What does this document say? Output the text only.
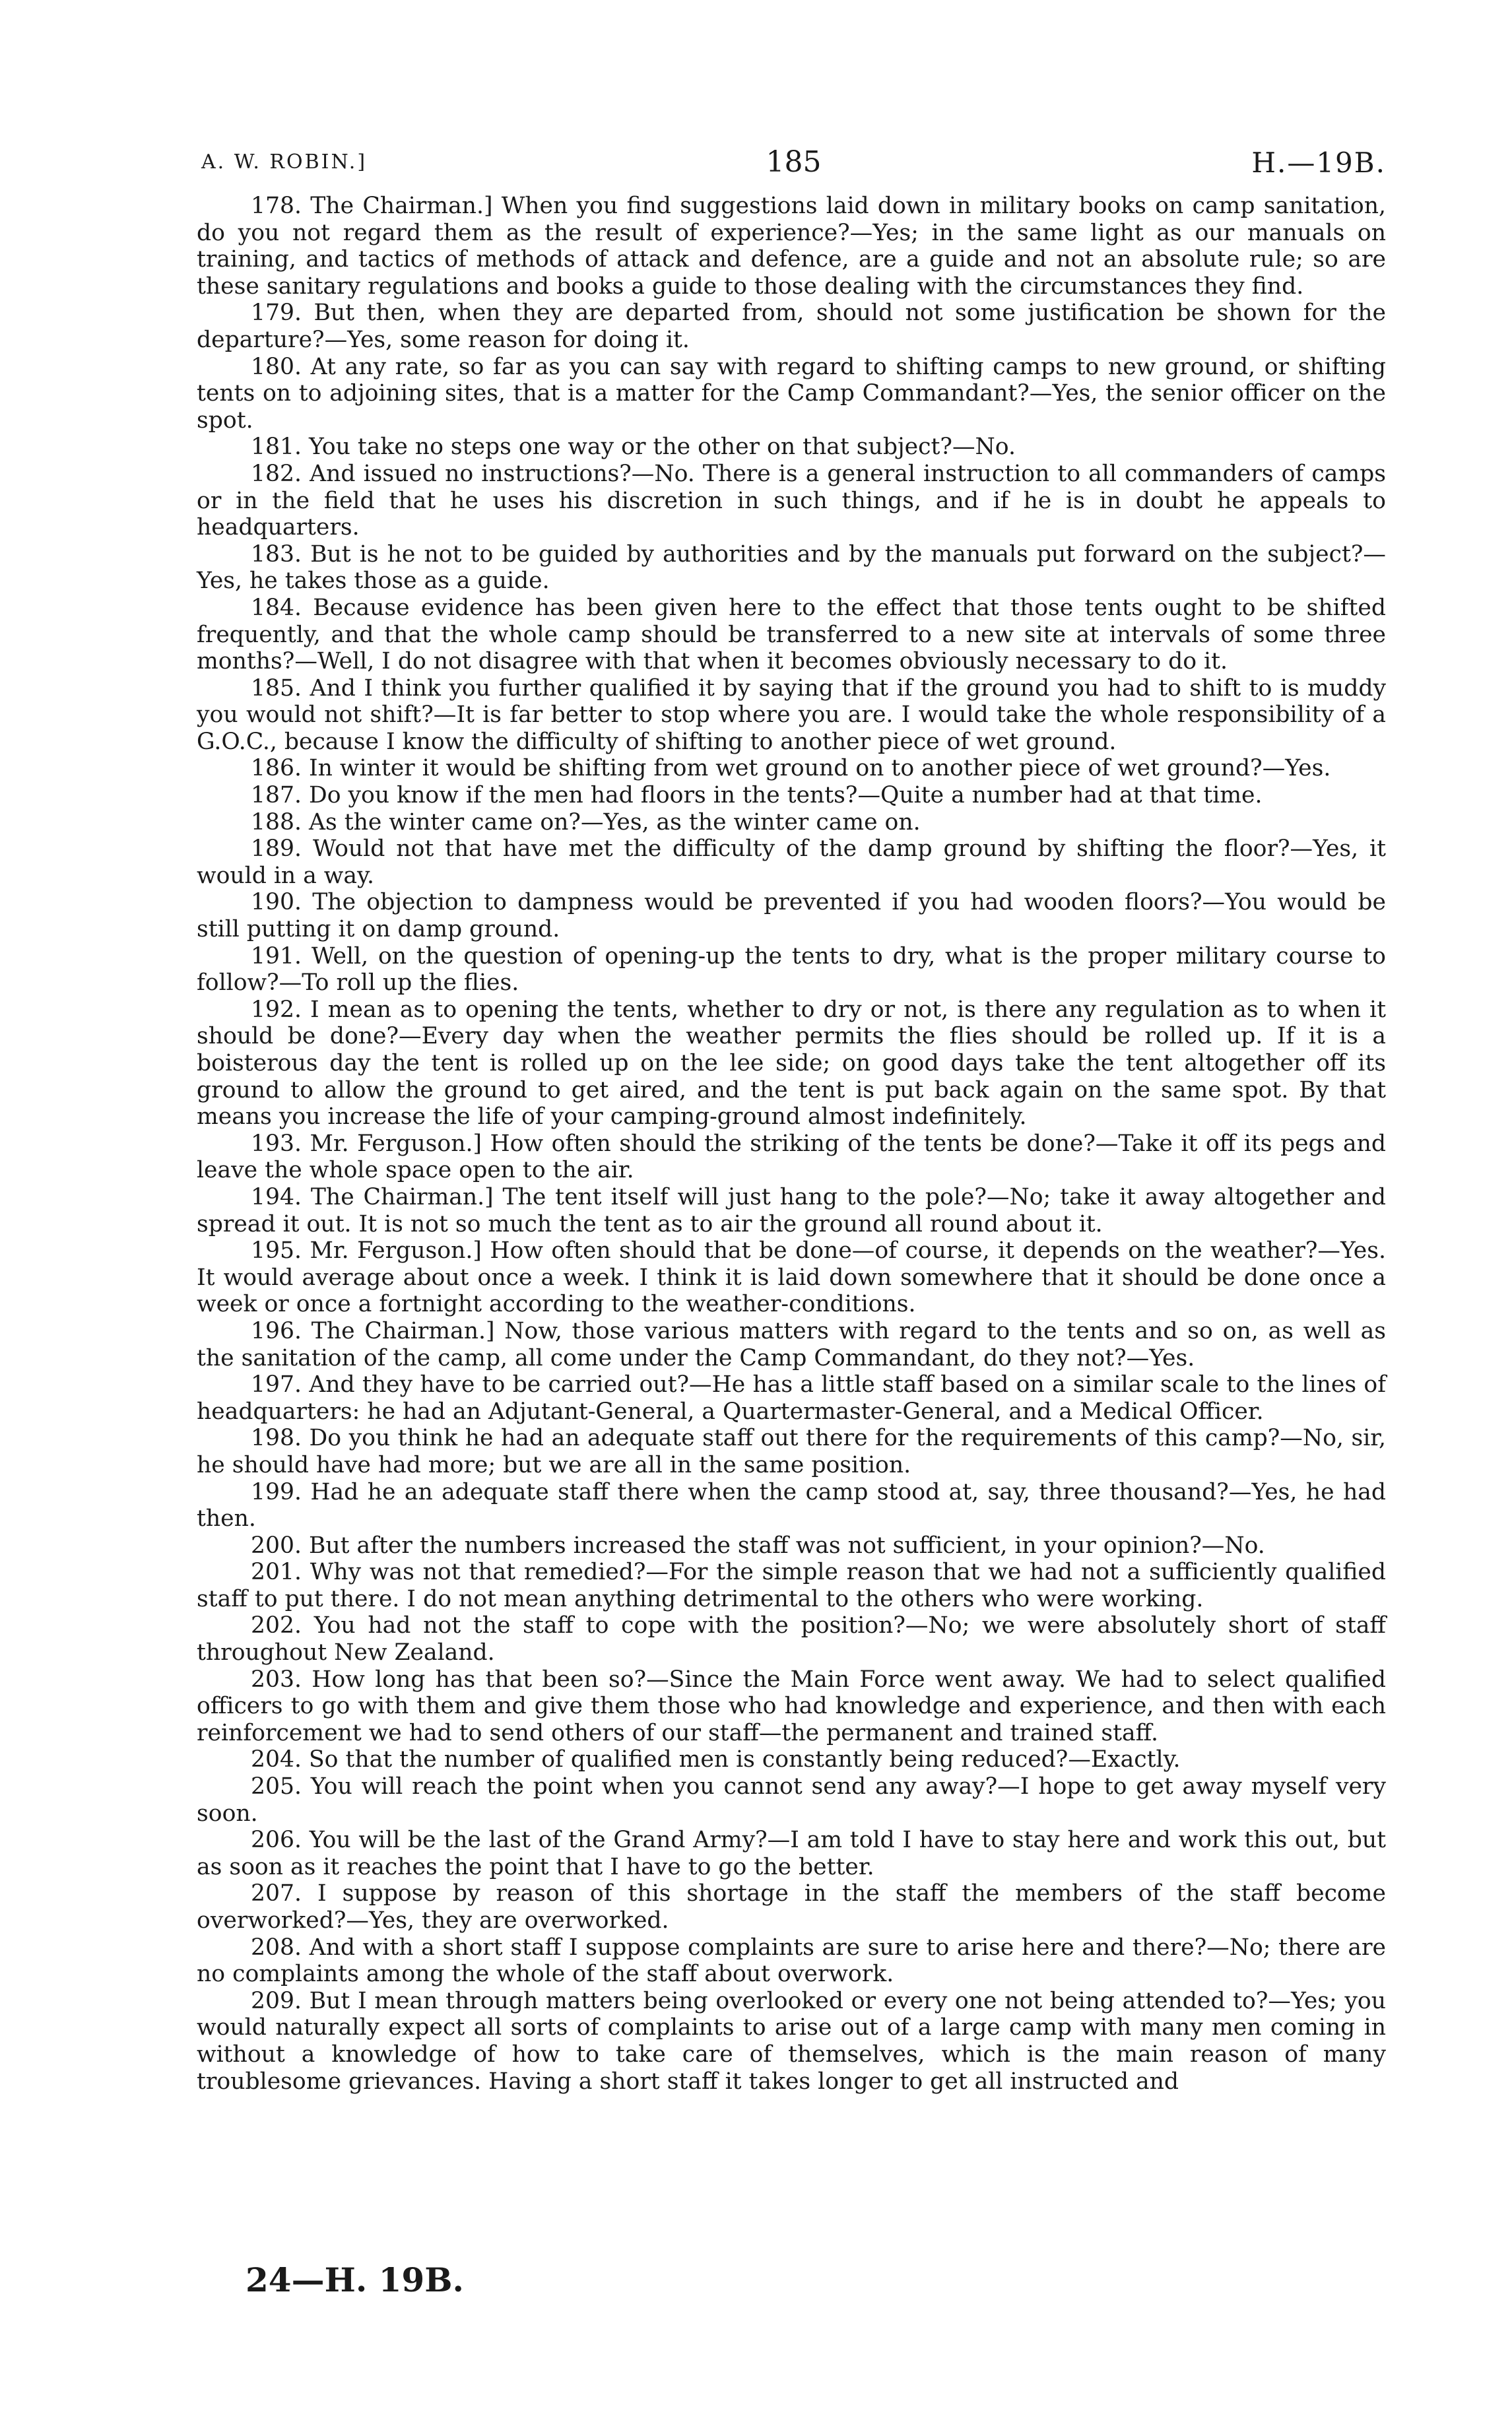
A. W. ROBIN.]	185	H.—19B.

178. The Chairman.] When you find suggestions laid down in military books on camp sanitation, do you not regard them as the result of experience?—Yes; in the same light as our manuals on training, and tactics of methods of attack and defence, are a guide and not an absolute rule; so are these sanitary regulations and books a guide to those dealing with the circumstances they find.

179. But then, when they are departed from, should not some justification be shown for the departure?—Yes, some reason for doing it.

180. At any rate, so far as you can say with regard to shifting camps to new ground, or shifting tents on to adjoining sites, that is a matter for the Camp Commandant?—Yes, the senior officer on the spot.

181. You take no steps one way or the other on that subject?—No.

182. And issued no instructions?—No. There is a general instruction to all commanders of camps or in the field that he uses his discretion in such things, and if he is in doubt he appeals to headquarters.

183. But is he not to be guided by authorities and by the manuals put forward on the subject?—Yes, he takes those as a guide.

184. Because evidence has been given here to the effect that those tents ought to be shifted frequently, and that the whole camp should be transferred to a new site at intervals of some three months?—Well, I do not disagree with that when it becomes obviously necessary to do it.

185. And I think you further qualified it by saying that if the ground you had to shift to is muddy you would not shift?—It is far better to stop where you are. I would take the whole responsibility of a G.O.C., because I know the difficulty of shifting to another piece of wet ground.

186. In winter it would be shifting from wet ground on to another piece of wet ground?—Yes.

187. Do you know if the men had floors in the tents?—Quite a number had at that time.

188. As the winter came on?—Yes, as the winter came on.

189. Would not that have met the difficulty of the damp ground by shifting the floor?—Yes, it would in a way.

190. The objection to dampness would be prevented if you had wooden floors?—You would be still putting it on damp ground.

191. Well, on the question of opening-up the tents to dry, what is the proper military course to follow?—To roll up the flies.

192. I mean as to opening the tents, whether to dry or not, is there any regulation as to when it should be done?—Every day when the weather permits the flies should be rolled up. If it is a boisterous day the tent is rolled up on the lee side; on good days take the tent altogether off its ground to allow the ground to get aired, and the tent is put back again on the same spot. By that means you increase the life of your camping-ground almost indefinitely.

193. Mr. Ferguson.] How often should the striking of the tents be done?—Take it off its pegs and leave the whole space open to the air.

194. The Chairman.] The tent itself will just hang to the pole?—No; take it away altogether and spread it out. It is not so much the tent as to air the ground all round about it.

195. Mr. Ferguson.] How often should that be done—of course, it depends on the weather?—Yes. It would average about once a week. I think it is laid down somewhere that it should be done once a week or once a fortnight according to the weather-conditions.

196. The Chairman.] Now, those various matters with regard to the tents and so on, as well as the sanitation of the camp, all come under the Camp Commandant, do they not?—Yes.

197. And they have to be carried out?—He has a little staff based on a similar scale to the lines of headquarters: he had an Adjutant-General, a Quartermaster-General, and a Medical Officer.

198. Do you think he had an adequate staff out there for the requirements of this camp?—No, sir, he should have had more; but we are all in the same position.

199. Had he an adequate staff there when the camp stood at, say, three thousand?—Yes, he had then.

200. But after the numbers increased the staff was not sufficient, in your opinion?—No.

201. Why was not that remedied?—For the simple reason that we had not a sufficiently qualified staff to put there. I do not mean anything detrimental to the others who were working.

202. You had not the staff to cope with the position?—No; we were absolutely short of staff throughout New Zealand.

203. How long has that been so?—Since the Main Force went away. We had to select qualified officers to go with them and give them those who had knowledge and experience, and then with each reinforcement we had to send others of our staff—the permanent and trained staff.

204. So that the number of qualified men is constantly being reduced?—Exactly.

205. You will reach the point when you cannot send any away?—I hope to get away myself very soon.

206. You will be the last of the Grand Army?—I am told I have to stay here and work this out, but as soon as it reaches the point that I have to go the better.

207. I suppose by reason of this shortage in the staff the members of the staff become overworked?—Yes, they are overworked.

208. And with a short staff I suppose complaints are sure to arise here and there?—No; there are no complaints among the whole of the staff about overwork.

209. But I mean through matters being overlooked or every one not being attended to?—Yes; you would naturally expect all sorts of complaints to arise out of a large camp with many men coming in without a knowledge of how to take care of themselves, which is the main reason of many troublesome grievances. Having a short staff it takes longer to get all instructed and

24—H. 19B.
